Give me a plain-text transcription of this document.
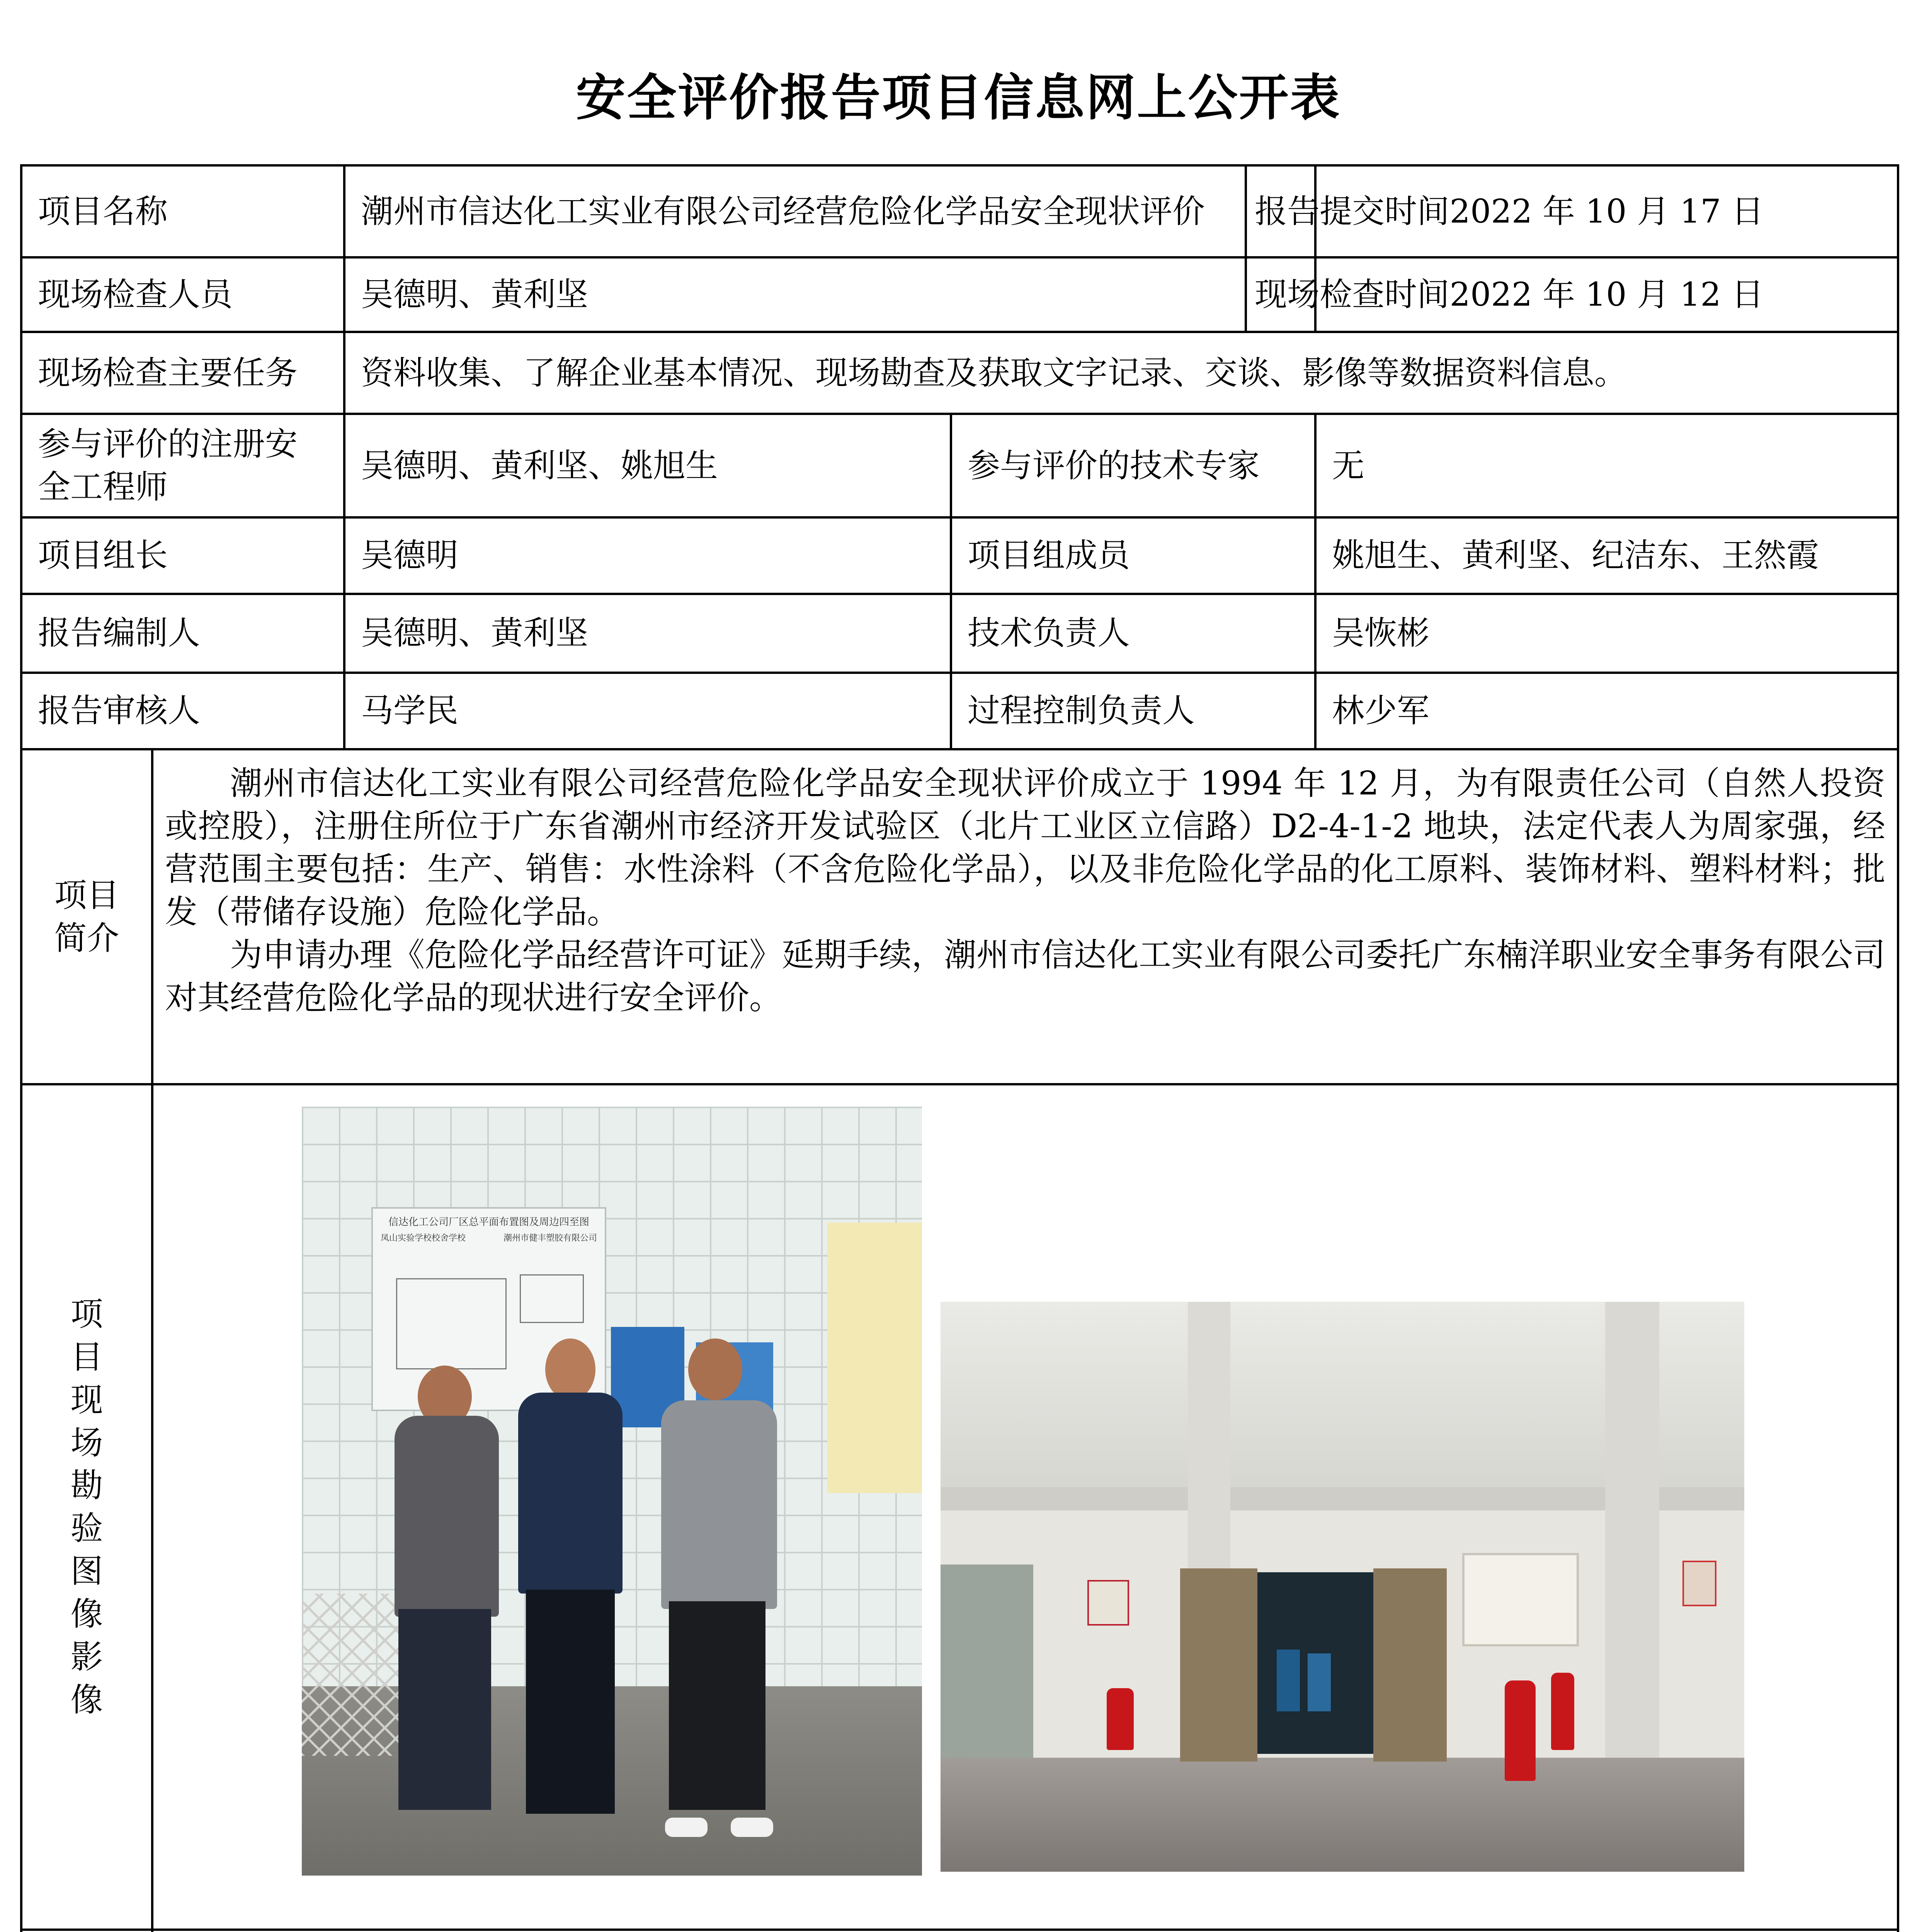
安全评价报告项目信息网上公开表
项目名称	潮州市信达化工实业有限公司经营危险化学品安全现状评价	报告提交时间	2022 年 10 月 17 日
现场检查人员	吴德明、黄利坚	现场检查时间	2022 年 10 月 12 日
现场检查主要任务	资料收集、了解企业基本情况、现场勘查及获取文字记录、交谈、影像等数据资料信息。
参与评价的注册安全工程师	吴德明、黄利坚、姚旭生	参与评价的技术专家	无
项目组长	吴德明	项目组成员	姚旭生、黄利坚、纪洁东、王然霞
报告编制人	吴德明、黄利坚	技术负责人	吴恢彬
报告审核人	马学民	过程控制负责人	林少军

项目简介

潮州市信达化工实业有限公司经营危险化学品安全现状评价成立于 1994 年 12 月，为有限责任公司（自然人投资或控股），注册住所位于广东省潮州市经济开发试验区（北片工业区立信路）D2-4-1-2 地块，法定代表人为周家强，经营范围主要包括：生产、销售：水性涂料（不含危险化学品），以及非危险化学品的化工原料、装饰材料、塑料材料；批发（带储存设施）危险化学品。

为申请办理《危险化学品经营许可证》延期手续，潮州市信达化工实业有限公司委托广东楠洋职业安全事务有限公司对其经营危险化学品的现状进行安全评价。

项目现场勘验图像影像

信达化工公司厂区总平面布置图及周边四至图
凤山实验学校校舍学校	潮州市健丰塑胶有限公司
